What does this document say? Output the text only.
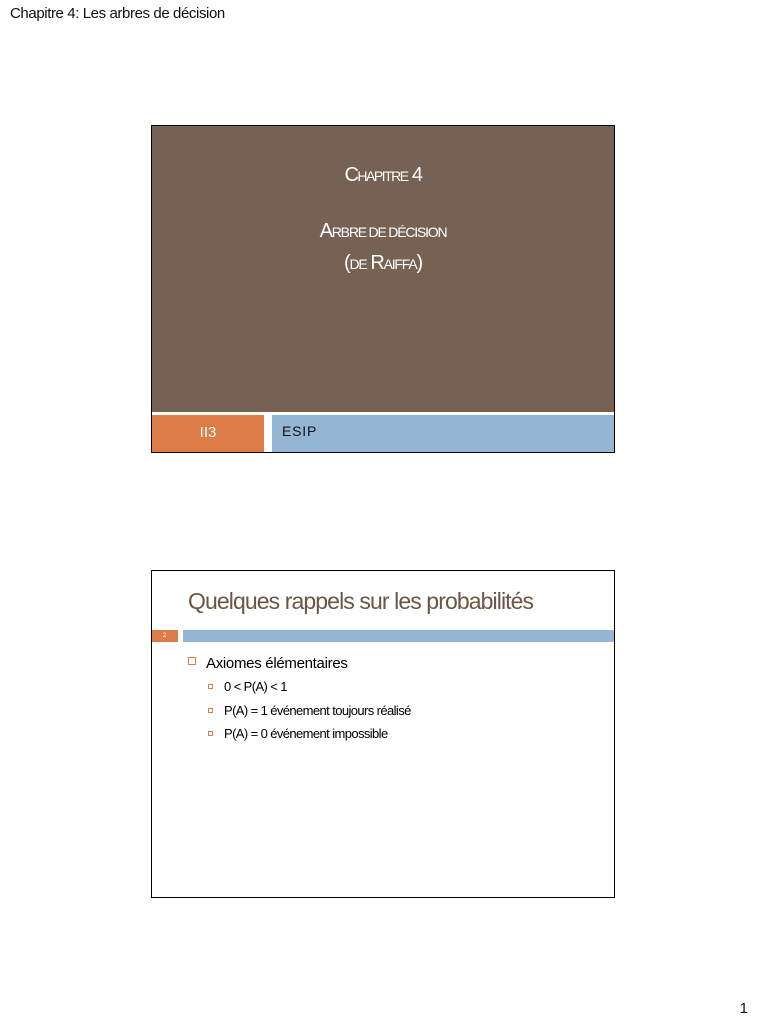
Chapitre 4: Les arbres de décision
CHAPITRE 4
ARBRE DE DÉCISION
(DE RAIFFA)
II3	ESIP
Quelques rappels sur les probabilités
2
Axiomes élémentaires
0 < P(A) < 1
P(A) = 1 événement toujours réalisé
P(A) = 0 événement impossible
1
